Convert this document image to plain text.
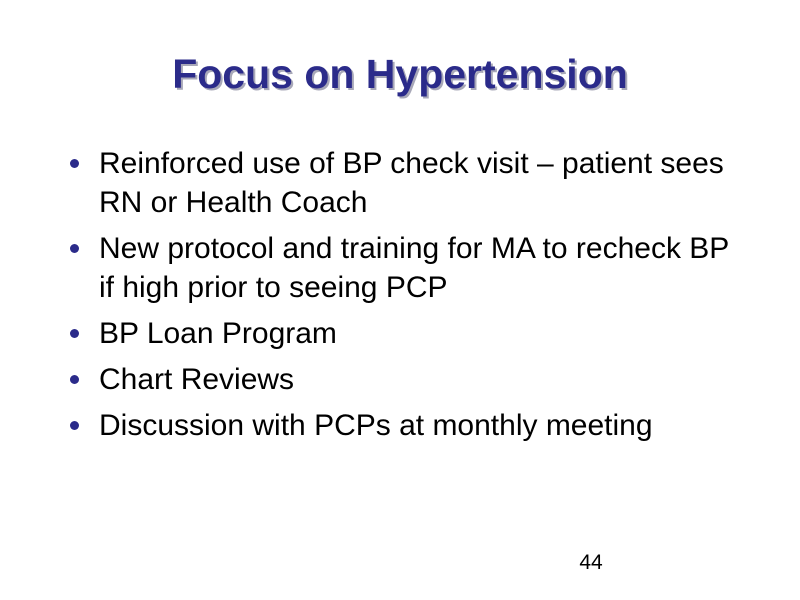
Focus on Hypertension
Reinforced use of BP check visit – patient sees RN or Health Coach
New protocol and training for MA to recheck BP if high prior to seeing PCP
BP Loan Program
Chart Reviews
Discussion with PCPs at monthly meeting
44
